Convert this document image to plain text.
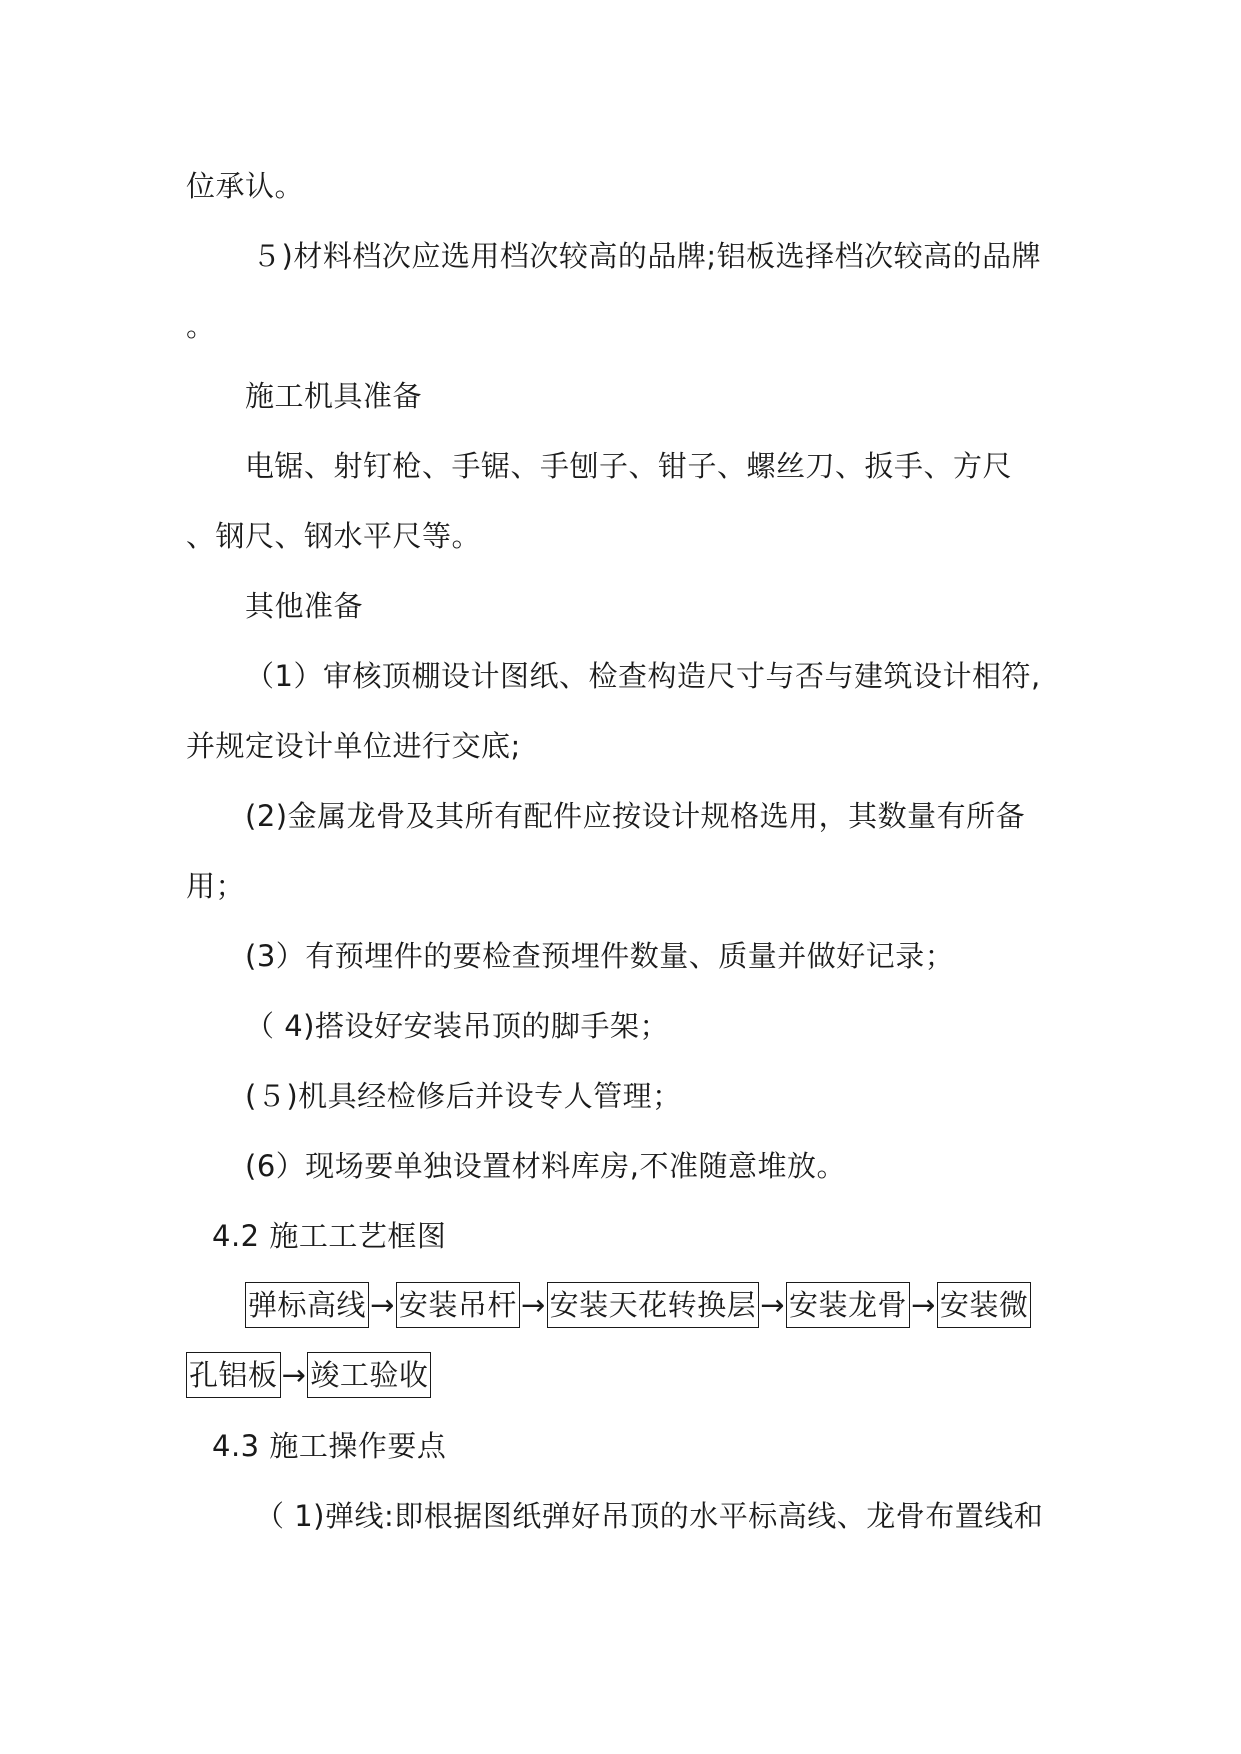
位承认。
５)材料档次应选用档次较高的品牌;铝板选择档次较高的品牌
。
施工机具准备
电锯、射钉枪、手锯、手刨子、钳子、螺丝刀、扳手、方尺
、钢尺、钢水平尺等。
其他准备
（1）审核顶棚设计图纸、检查构造尺寸与否与建筑设计相符,
并规定设计单位进行交底;
(2)金属龙骨及其所有配件应按设计规格选用，其数量有所备
用；
(3）有预埋件的要检查预埋件数量、质量并做好记录；
（ 4)搭设好安装吊顶的脚手架；
(５)机具经检修后并设专人管理；
(6）现场要单独设置材料库房,不准随意堆放。
4.2 施工工艺框图
弹标高线 → 安装吊杆 → 安装天花转换层 → 安装龙骨 → 安装微
孔铝板 → 竣工验收
4.3 施工操作要点
（ 1)弹线:即根据图纸弹好吊顶的水平标高线、龙骨布置线和
